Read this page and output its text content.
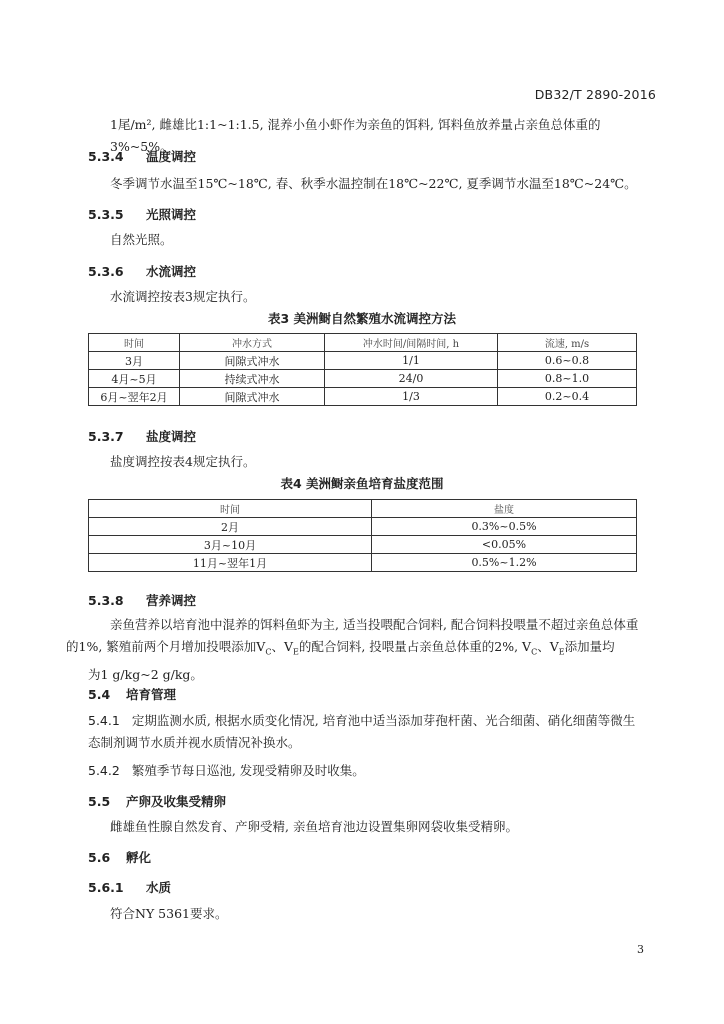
DB32/T 2890-2016
1尾/m², 雌雄比1:1~1:1.5, 混养小鱼小虾作为亲鱼的饵料, 饵料鱼放养量占亲鱼总体重的3%~5%。
5.3.4 温度调控
冬季调节水温至15℃~18℃, 春、秋季水温控制在18℃~22℃, 夏季调节水温至18℃~24℃。
5.3.5 光照调控
自然光照。
5.3.6 水流调控
水流调控按表3规定执行。
表3 美洲鲥自然繁殖水流调控方法
时间	冲水方式	冲水时间/间隔时间, h	流速, m/s
3月	间隙式冲水	1/1	0.6~0.8
4月~5月	持续式冲水	24/0	0.8~1.0
6月~翌年2月	间隙式冲水	1/3	0.2~0.4
5.3.7 盐度调控
盐度调控按表4规定执行。
表4 美洲鲥亲鱼培育盐度范围
时间	盐度
2月	0.3%~0.5%
3月~10月	<0.05%
11月~翌年1月	0.5%~1.2%
5.3.8 营养调控
亲鱼营养以培育池中混养的饵料鱼虾为主, 适当投喂配合饲料, 配合饲料投喂量不超过亲鱼总体重
的1%, 繁殖前两个月增加投喂添加$V_C$、$V_E$的配合饲料, 投喂量占亲鱼总体重的2%, $V_C$、$V_E$添加量均
为1 g/kg~2 g/kg。
5.4 培育管理
5.4.1 定期监测水质, 根据水质变化情况, 培育池中适当添加芽孢杆菌、光合细菌、硝化细菌等微生
态制剂调节水质并视水质情况补换水。
5.4.2 繁殖季节每日巡池, 发现受精卵及时收集。
5.5 产卵及收集受精卵
雌雄鱼性腺自然发育、产卵受精, 亲鱼培育池边设置集卵网袋收集受精卵。
5.6 孵化
5.6.1 水质
符合NY 5361要求。
3
